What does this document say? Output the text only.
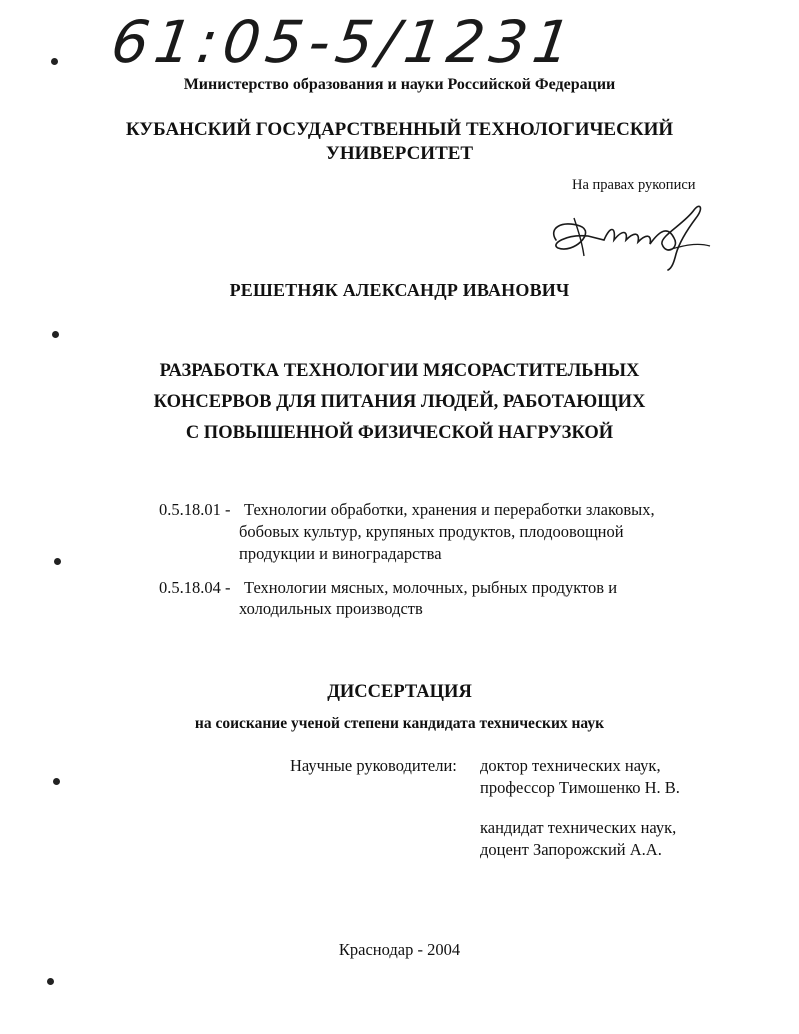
61:05-5/1231
Министерство образования и науки Российской Федерации
КУБАНСКИЙ ГОСУДАРСТВЕННЫЙ ТЕХНОЛОГИЧЕСКИЙ
УНИВЕРСИТЕТ
На правах рукописи
РЕШЕТНЯК АЛЕКСАНДР ИВАНОВИЧ
РАЗРАБОТКА ТЕХНОЛОГИИ МЯСОРАСТИТЕЛЬНЫХ
КОНСЕРВОВ ДЛЯ ПИТАНИЯ ЛЮДЕЙ, РАБОТАЮЩИХ
С ПОВЫШЕННОЙ ФИЗИЧЕСКОЙ НАГРУЗКОЙ
0.5.18.01 - Технологии обработки, хранения и переработки злаковых,
бобовых культур, крупяных продуктов, плодоовощной
продукции и виноградарства
0.5.18.04 - Технологии мясных, молочных, рыбных продуктов и
холодильных производств
ДИССЕРТАЦИЯ
на соискание ученой степени кандидата технических наук
Научные руководители: доктор технических наук,
профессор Тимошенко Н. В.
кандидат технических наук,
доцент Запорожский А.А.
Краснодар - 2004
